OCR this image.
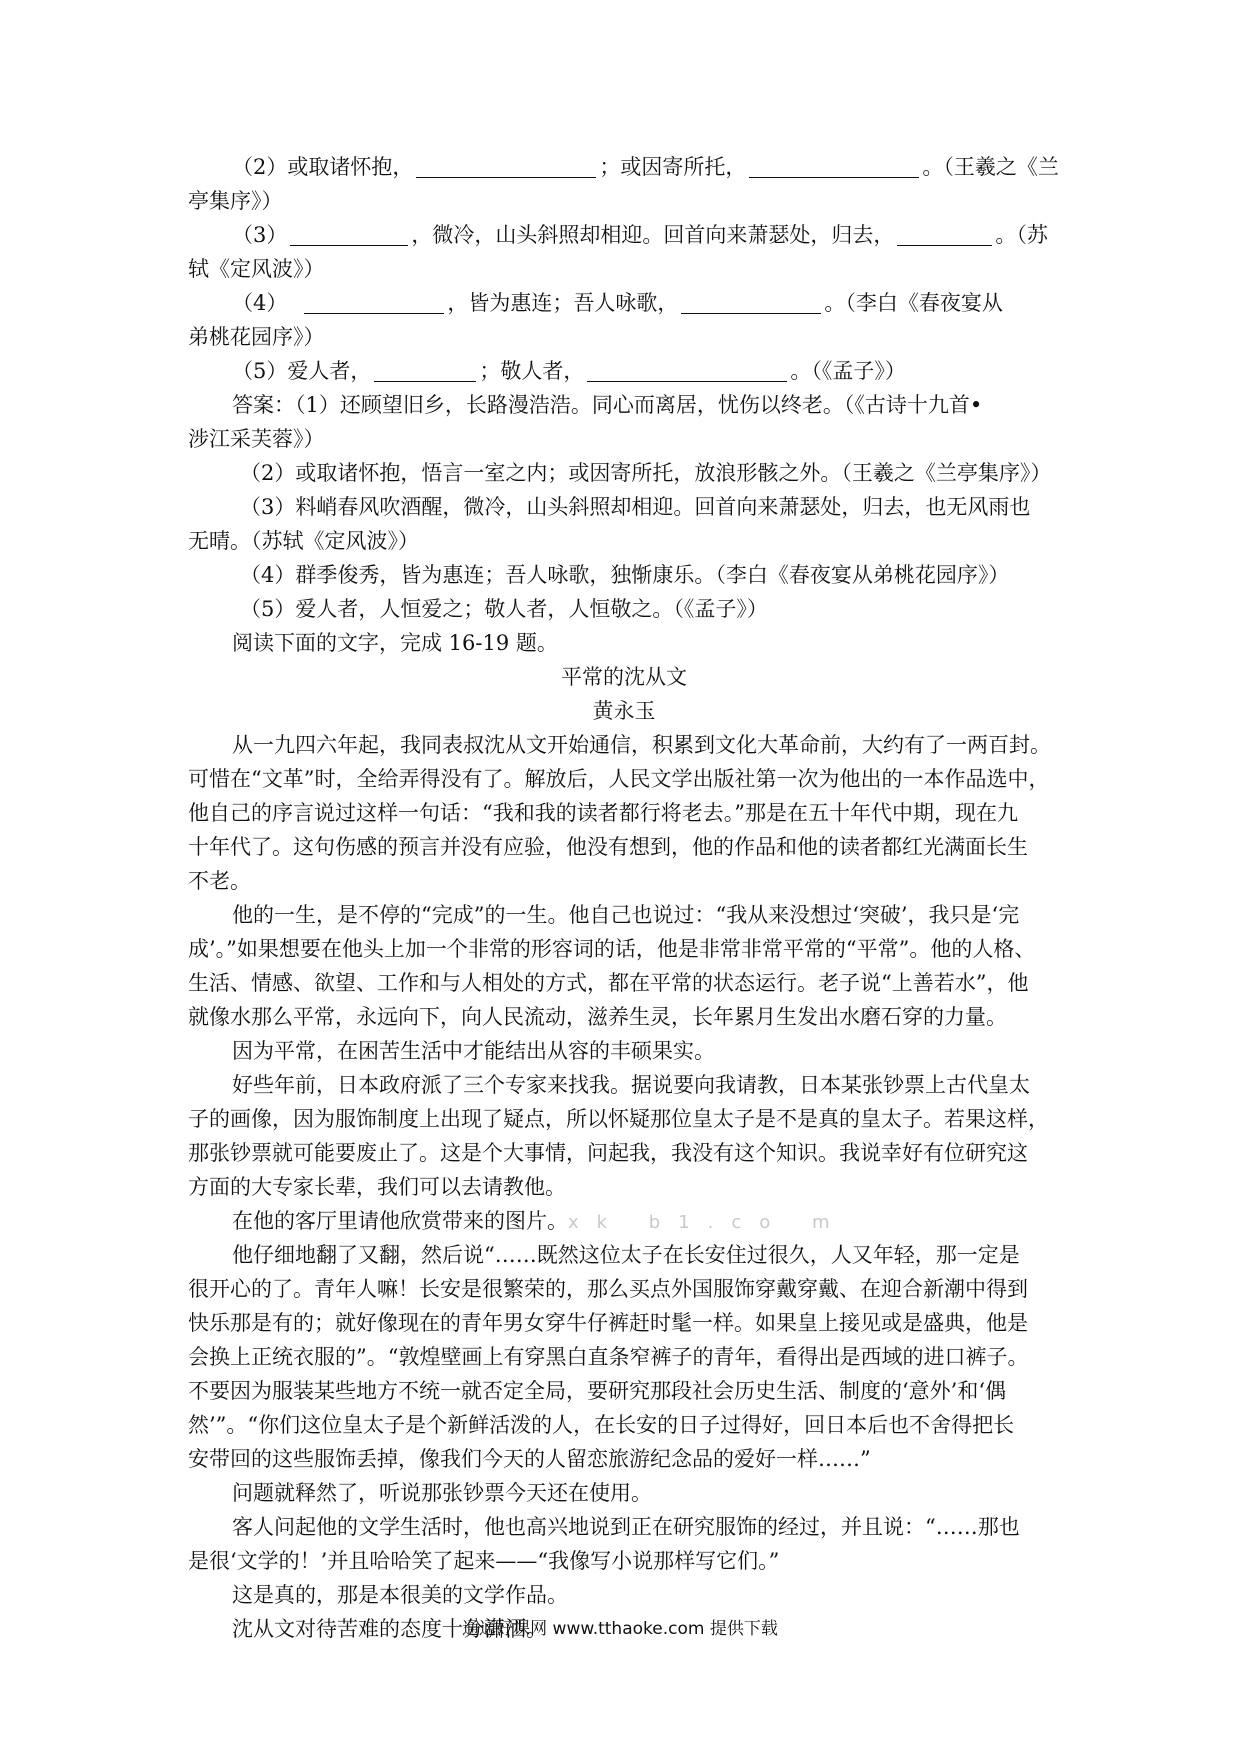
（2）或取诸怀抱，	；或因寄所托，	。（王羲之《兰
亭集序》）
（3）	，微冷，山头斜照却相迎。回首向来萧瑟处，归去，	。（苏
轼《定风波》）
（4）	，皆为惠连；吾人咏歌，	。（李白《春夜宴从
弟桃花园序》）
（5）爱人者，	；敬人者，	。（《孟子》）
答案：（1）还顾望旧乡，长路漫浩浩。同心而离居，忧伤以终老。（《古诗十九首•
涉江采芙蓉》）
（2）或取诸怀抱，悟言一室之内；或因寄所托，放浪形骸之外。（王羲之《兰亭集序》）
（3）料峭春风吹酒醒，微冷，山头斜照却相迎。回首向来萧瑟处，归去，也无风雨也
无晴。（苏轼《定风波》）
（4）群季俊秀，皆为惠连；吾人咏歌，独惭康乐。（李白《春夜宴从弟桃花园序》）
（5）爱人者，人恒爱之；敬人者，人恒敬之。（《孟子》）
阅读下面的文字，完成 16-19 题。
平常的沈从文
黄永玉
从一九四六年起，我同表叔沈从文开始通信，积累到文化大革命前，大约有了一两百封。
可惜在“文革”时，全给弄得没有了。解放后，人民文学出版社第一次为他出的一本作品选中，
他自己的序言说过这样一句话：“我和我的读者都行将老去。”那是在五十年代中期，现在九
十年代了。这句伤感的预言并没有应验，他没有想到，他的作品和他的读者都红光满面长生
不老。
他的一生，是不停的“完成”的一生。他自己也说过：“我从来没想过‘突破’，我只是‘完
成’。”如果想要在他头上加一个非常的形容词的话，他是非常非常平常的“平常”。他的人格、
生活、情感、欲望、工作和与人相处的方式，都在平常的状态运行。老子说“上善若水”，他
就像水那么平常，永远向下，向人民流动，滋养生灵，长年累月生发出水磨石穿的力量。
因为平常，在困苦生活中才能结出从容的丰硕果实。
好些年前，日本政府派了三个专家来找我。据说要向我请教，日本某张钞票上古代皇太
子的画像，因为服饰制度上出现了疑点，所以怀疑那位皇太子是不是真的皇太子。若果这样，
那张钞票就可能要废止了。这是个大事情，问起我，我没有这个知识。我说幸好有位研究这
方面的大专家长辈，我们可以去请教他。
在他的客厅里请他欣赏带来的图片。xk b1.co m
他仔细地翻了又翻，然后说“……既然这位太子在长安住过很久，人又年轻，那一定是
很开心的了。青年人嘛！长安是很繁荣的，那么买点外国服饰穿戴穿戴、在迎合新潮中得到
快乐那是有的；就好像现在的青年男女穿牛仔裤赶时髦一样。如果皇上接见或是盛典，他是
会换上正统衣服的”。“敦煌壁画上有穿黑白直条窄裤子的青年，看得出是西域的进口裤子。
不要因为服装某些地方不统一就否定全局，要研究那段社会历史生活、制度的‘意外’和‘偶
然’”。“你们这位皇太子是个新鲜活泼的人，在长安的日子过得好，回日本后也不舍得把长
安带回的这些服饰丢掉，像我们今天的人留恋旅游纪念品的爱好一样……”
问题就释然了，听说那张钞票今天还在使用。
客人问起他的文学生活时，他也高兴地说到正在研究服饰的经过，并且说：“……那也
是很‘文学的！’并且哈哈笑了起来——“我像写小说那样写它们。”
这是真的，那是本很美的文学作品。
沈从文对待苦难的态度十分潇洒。
通通好课网 www.tthaoke.com 提供下载
